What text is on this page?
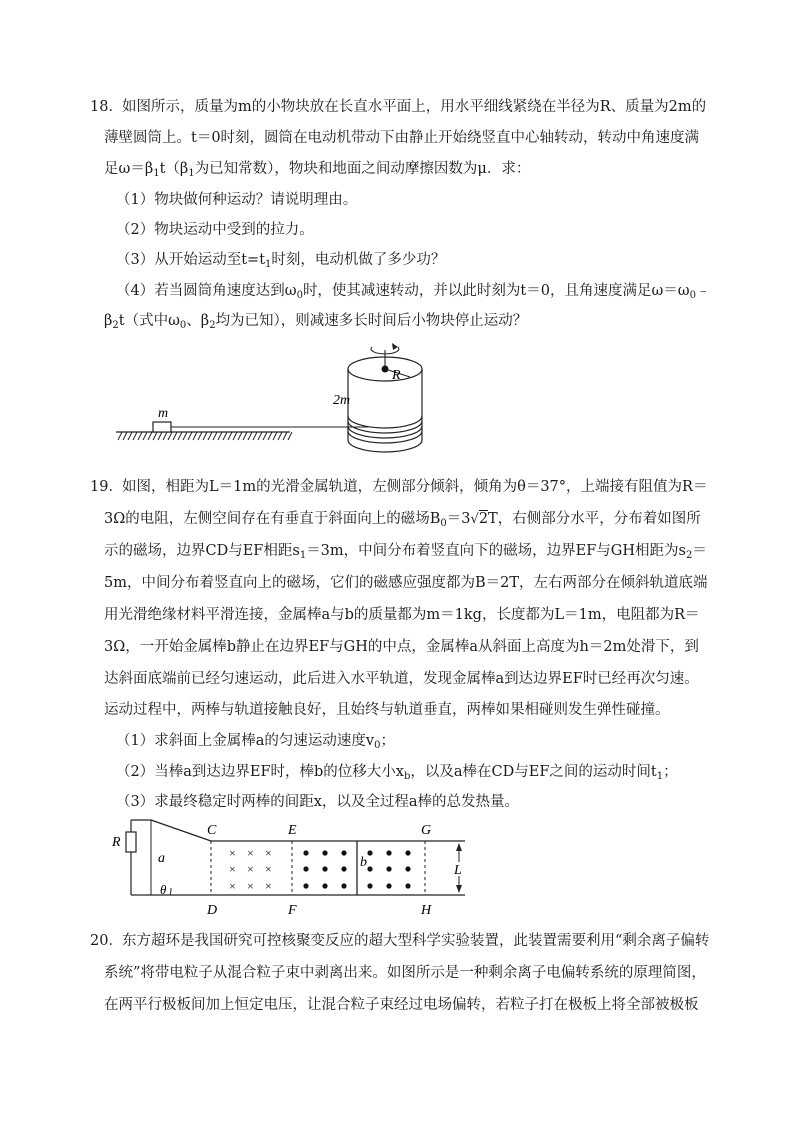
18． 如图所示，质量为m的小物块放在长直水平面上，用水平细线紧绕在半径为R、质量为2m的
薄壁圆筒上。t＝0时刻，圆筒在电动机带动下由静止开始绕竖直中心轴转动，转动中角速度满
足$\omega=\beta_1t(\beta_1$为已知常数），物块和地面之间动摩擦因数为μ．求：
（1）物块做何种运动？请说明理由。
（2）物块运动中受到的拉力。
（3）从开始运动至$t=t_1$时刻，电动机做了多少功？
（4）若当圆筒角速度达到$\omega_0$时，使其减速转动，并以此时刻为t＝0，且角速度满足$\omega=\omega_0﹣$
$\beta_2t$（式中$\omega_0$、$\beta_2$均为已知），则减速多长时间后小物块停止运动？
m
R
2m
19． 如图，相距为L＝1m的光滑金属轨道，左侧部分倾斜，倾角为θ＝37°，上端接有阻值为R＝
3Ω的电阻，左侧空间存在有垂直于斜面向上的磁场$B_0=3√2T$，右侧部分水平，分布着如图所
示的磁场，边界CD与EF相距$s_1=3m$，中间分布着竖直向下的磁场，边界EF与GH相距为$s_2=$
5m，中间分布着竖直向上的磁场，它们的磁感应强度都为B＝2T，左右两部分在倾斜轨道底端
用光滑绝缘材料平滑连接，金属棒a与b的质量都为m＝1kg，长度都为L＝1m，电阻都为R＝
3Ω，一开始金属棒b静止在边界EF与GH的中点，金属棒a从斜面上高度为h＝2m处滑下，到
达斜面底端前已经匀速运动，此后进入水平轨道，发现金属棒a到达边界EF时已经再次匀速。
运动过程中，两棒与轨道接触良好，且始终与轨道垂直，两棒如果相碰则发生弹性碰撞。
（1）求斜面上金属棒a的匀速运动速度$v_0$；
（2）当棒a到达边界EF时，棒b的位移大小$x_b$，以及a棒在CD与EF之间的运动时间$t_1$；
（3）求最终稳定时两棒的间距x，以及全过程a棒的总发热量。
×
×
×
×
×
×
×
×
×
R
a	b
θ
C
D
E
F
G
H
L
20． 东方超环是我国研究可控核聚变反应的超大型科学实验装置，此装置需要利用“剩余离子偏转
系统”将带电粒子从混合粒子束中剥离出来。如图所示是一种剩余离子电偏转系统的原理简图，
在两平行极板间加上恒定电压，让混合粒子束经过电场偏转，若粒子打在极板上将全部被极板
